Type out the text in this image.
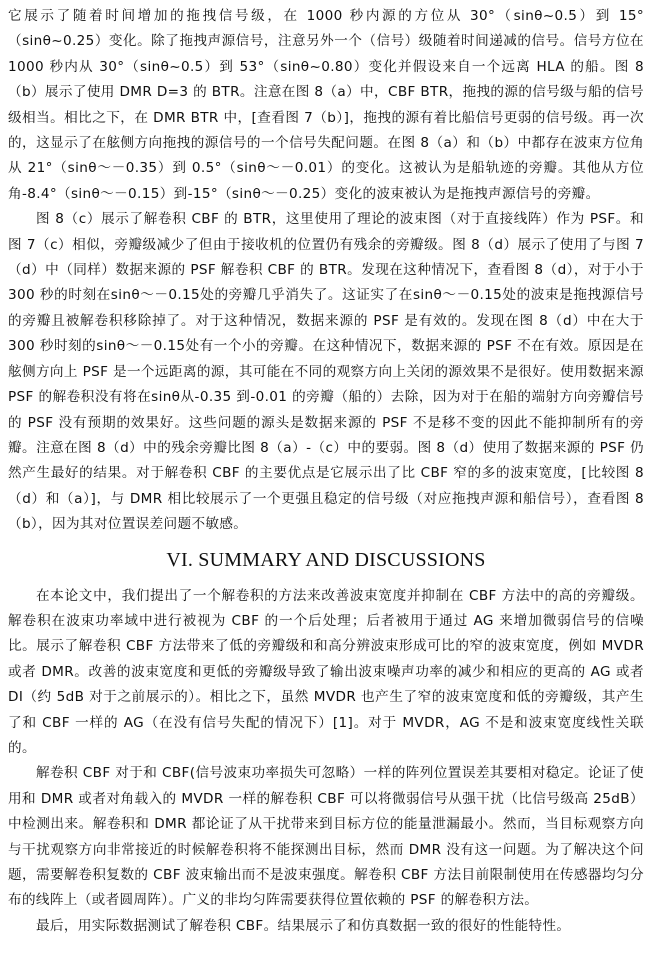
它展示了随着时间增加的拖拽信号级，在 1000 秒内源的方位从 30°（sinθ~0.5）到 15°（sinθ~0.25）变化。除了拖拽声源信号，注意另外一个（信号）级随着时间递减的信号。信号方位在 1000 秒内从 30°（sinθ~0.5）到 53°（sinθ~0.80）变化并假设来自一个远离 HLA 的船。图 8（b）展示了使用 DMR D=3 的 BTR。注意在图 8（a）中，CBF BTR，拖拽的源的信号级与船的信号级相当。相比之下，在 DMR BTR 中，[查看图 7（b）]，拖拽的源有着比船信号更弱的信号级。再一次的，这显示了在舷侧方向拖拽的源信号的一个信号失配问题。在图 8（a）和（b）中都存在波束方位角从 21°（sinθ～－0.35）到 0.5°（sinθ～－0.01）的变化。这被认为是船轨迹的旁瓣。其他从方位角-8.4°（sinθ～－0.15）到-15°（sinθ～－0.25）变化的波束被认为是拖拽声源信号的旁瓣。

图 8（c）展示了解卷积 CBF 的 BTR，这里使用了理论的波束图（对于直接线阵）作为 PSF。和图 7（c）相似，旁瓣级减少了但由于接收机的位置仍有残余的旁瓣级。图 8（d）展示了使用了与图 7（d）中（同样）数据来源的 PSF 解卷积 CBF 的 BTR。发现在这种情况下，查看图 8（d），对于小于 300 秒的时刻在sinθ～－0.15处的旁瓣几乎消失了。这证实了在sinθ～－0.15处的波束是拖拽源信号的旁瓣且被解卷积移除掉了。对于这种情况，数据来源的 PSF 是有效的。发现在图 8（d）中在大于 300 秒时刻的sinθ～－0.15处有一个小的旁瓣。在这种情况下，数据来源的 PSF 不在有效。原因是在舷侧方向上 PSF 是一个远距离的源，其可能在不同的观察方向上关闭的源效果不是很好。使用数据来源 PSF 的解卷积没有将在sinθ从-0.35 到-0.01 的旁瓣（船的）去除，因为对于在船的端射方向旁瓣信号的 PSF 没有预期的效果好。这些问题的源头是数据来源的 PSF 不是移不变的因此不能抑制所有的旁瓣。注意在图 8（d）中的残余旁瓣比图 8（a）-（c）中的要弱。图 8（d）使用了数据来源的 PSF 仍然产生最好的结果。对于解卷积 CBF 的主要优点是它展示出了比 CBF 窄的多的波束宽度，[比较图 8（d）和（a）]，与 DMR 相比较展示了一个更强且稳定的信号级（对应拖拽声源和船信号），查看图 8（b），因为其对位置误差问题不敏感。

VI. SUMMARY AND DISCUSSIONS

在本论文中，我们提出了一个解卷积的方法来改善波束宽度并抑制在 CBF 方法中的高的旁瓣级。解卷积在波束功率域中进行被视为 CBF 的一个后处理；后者被用于通过 AG 来增加微弱信号的信噪比。展示了解卷积 CBF 方法带来了低的旁瓣级和和高分辨波束形成可比的窄的波束宽度，例如 MVDR 或者 DMR。改善的波束宽度和更低的旁瓣级导致了输出波束噪声功率的减少和相应的更高的 AG 或者 DI（约 5dB 对于之前展示的）。相比之下，虽然 MVDR 也产生了窄的波束宽度和低的旁瓣级，其产生了和 CBF 一样的 AG（在没有信号失配的情况下）[1]。对于 MVDR，AG 不是和波束宽度线性关联的。

解卷积 CBF 对于和 CBF(信号波束功率损失可忽略）一样的阵列位置误差其要相对稳定。论证了使用和 DMR 或者对角载入的 MVDR 一样的解卷积 CBF 可以将微弱信号从强干扰（比信号级高 25dB）中检测出来。解卷积和 DMR 都论证了从干扰带来到目标方位的能量泄漏最小。然而，当目标观察方向与干扰观察方向非常接近的时候解卷积将不能探测出目标，然而 DMR 没有这一问题。为了解决这个问题，需要解卷积复数的 CBF 波束输出而不是波束强度。解卷积 CBF 方法目前限制使用在传感器均匀分布的线阵上（或者圆周阵）。广义的非均匀阵需要获得位置依赖的 PSF 的解卷积方法。

最后，用实际数据测试了解卷积 CBF。结果展示了和仿真数据一致的很好的性能特性。
